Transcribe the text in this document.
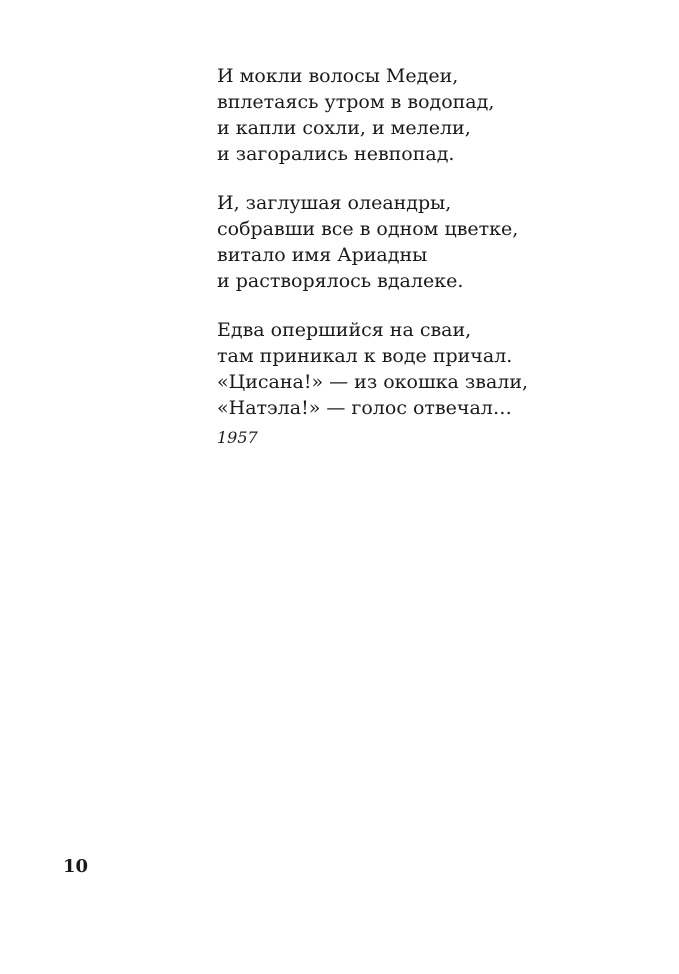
И мокли волосы Медеи,
вплетаясь утром в водопад,
и капли сохли, и мелели,
и загорались невпопад.
И, заглушая олеандры,
собравши все в одном цветке,
витало имя Ариадны
и растворялось вдалеке.
Едва опершийся на сваи,
там приникал к воде причал.
«Цисана!» — из окошка звали,
«Натэла!» — голос отвечал…
1957
10
